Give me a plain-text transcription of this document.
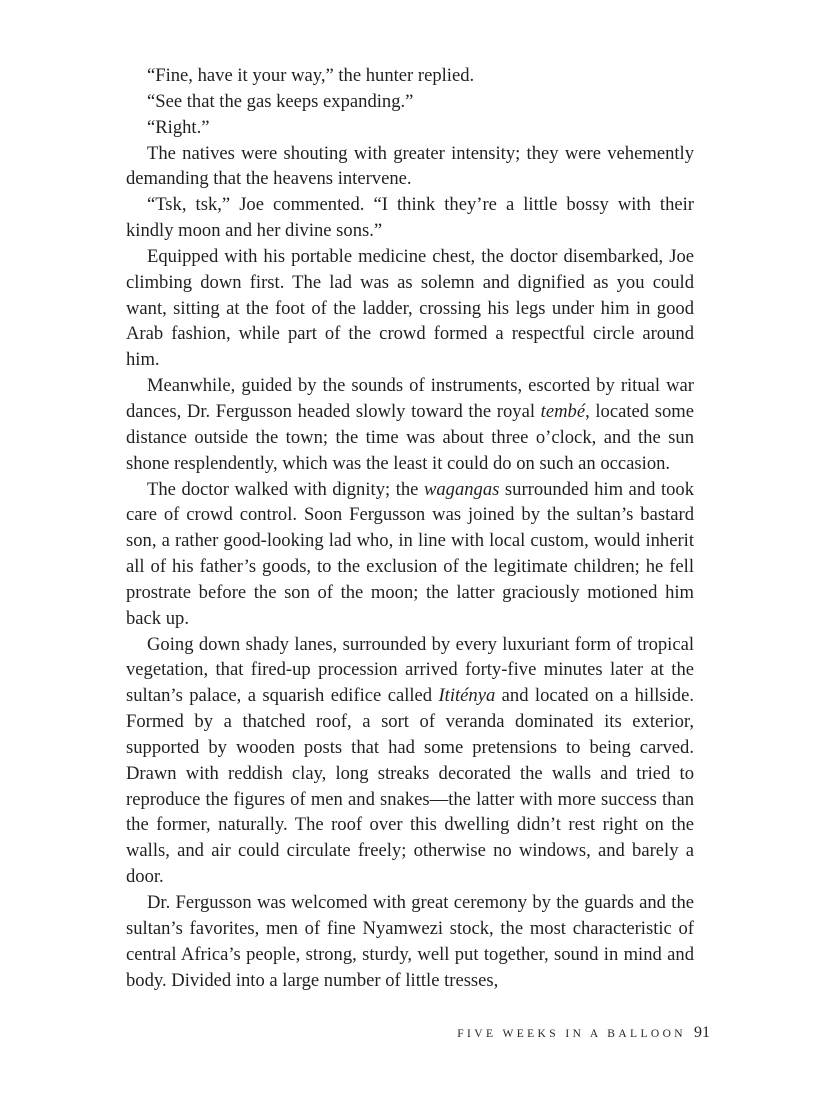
“Fine, have it your way,” the hunter replied.

“See that the gas keeps expanding.”

“Right.”

The natives were shouting with greater intensity; they were vehemently demanding that the heavens intervene.

“Tsk, tsk,” Joe commented. “I think they’re a little bossy with their kindly moon and her divine sons.”

Equipped with his portable medicine chest, the doctor disembarked, Joe climbing down first. The lad was as solemn and dignified as you could want, sitting at the foot of the ladder, crossing his legs under him in good Arab fashion, while part of the crowd formed a respectful circle around him.

Meanwhile, guided by the sounds of instruments, escorted by ritual war dances, Dr. Fergusson headed slowly toward the royal tembé, located some distance outside the town; the time was about three o’clock, and the sun shone resplendently, which was the least it could do on such an occasion.

The doctor walked with dignity; the wagangas surrounded him and took care of crowd control. Soon Fergusson was joined by the sultan’s bastard son, a rather good-looking lad who, in line with local custom, would inherit all of his father’s goods, to the exclusion of the legitimate children; he fell prostrate before the son of the moon; the latter graciously motioned him back up.

Going down shady lanes, surrounded by every luxuriant form of tropical vegetation, that fired-up procession arrived forty-five minutes later at the sultan’s palace, a squarish edifice called Ititénya and located on a hillside. Formed by a thatched roof, a sort of veranda dominated its exterior, supported by wooden posts that had some pretensions to being carved. Drawn with reddish clay, long streaks decorated the walls and tried to reproduce the figures of men and snakes—the latter with more success than the former, naturally. The roof over this dwelling didn’t rest right on the walls, and air could circulate freely; otherwise no windows, and barely a door.

Dr. Fergusson was welcomed with great ceremony by the guards and the sultan’s favorites, men of fine Nyamwezi stock, the most characteristic of central Africa’s people, strong, sturdy, well put together, sound in mind and body. Divided into a large number of little tresses,

FIVE WEEKS IN A BALLOON 91
